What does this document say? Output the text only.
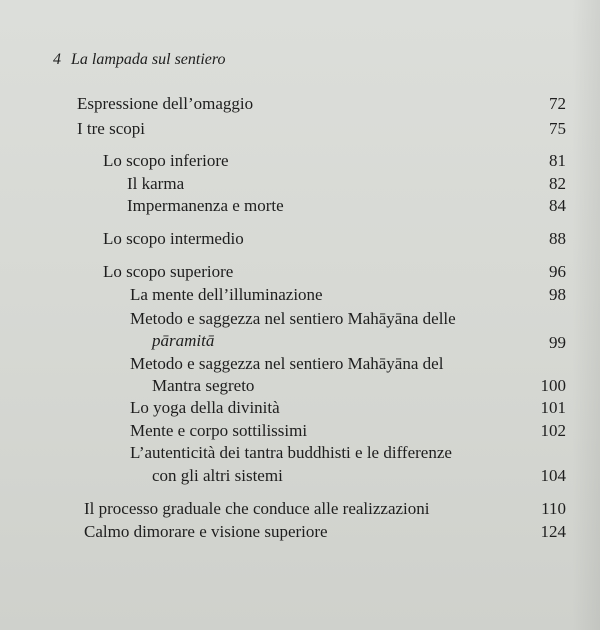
4 La lampada sul sentiero
Espressione dell’omaggio	72
I tre scopi	75
Lo scopo inferiore	81
Il karma	82
Impermanenza e morte	84
Lo scopo intermedio	88
Lo scopo superiore	96
La mente dell’illuminazione	98
Metodo e saggezza nel sentiero Mahāyāna delle
pāramitā	99
Metodo e saggezza nel sentiero Mahāyāna del
Mantra segreto	100
Lo yoga della divinità	101
Mente e corpo sottilissimi	102
L’autenticità dei tantra buddhisti e le differenze
con gli altri sistemi	104
Il processo graduale che conduce alle realizzazioni	110
Calmo dimorare e visione superiore	124
